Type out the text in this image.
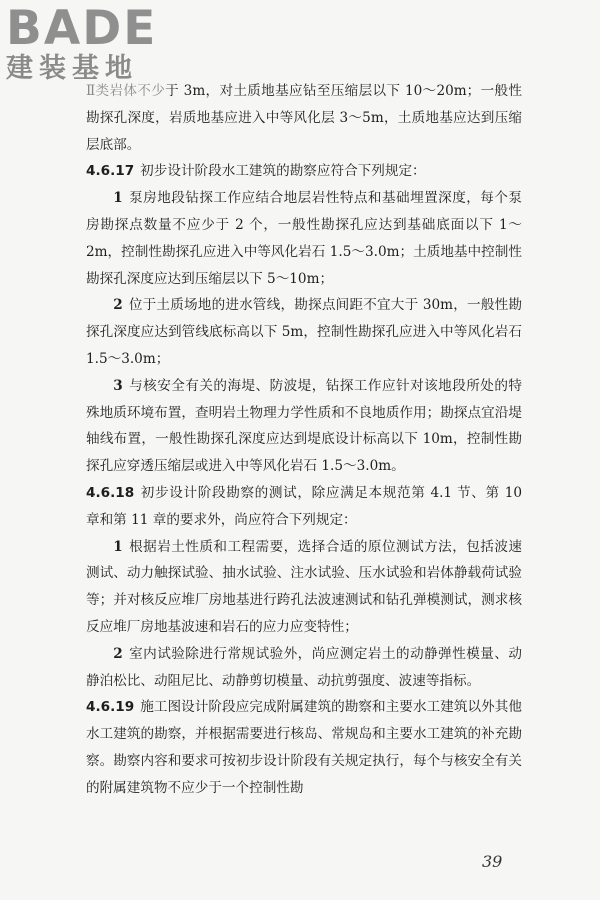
BADE
建装基地

Ⅱ类岩体不少于 3m，对土质地基应钻至压缩层以下 10～20m；一般性勘探孔深度，岩质地基应进入中等风化层 3～5m，土质地基应达到压缩层底部。

4.6.17 初步设计阶段水工建筑的勘察应符合下列规定：

1 泵房地段钻探工作应结合地层岩性特点和基础埋置深度，每个泵房勘探点数量不应少于 2 个，一般性勘探孔应达到基础底面以下 1～2m，控制性勘探孔应进入中等风化岩石 1.5～3.0m；土质地基中控制性勘探孔深度应达到压缩层以下 5～10m；

2 位于土质场地的进水管线，勘探点间距不宜大于 30m，一般性勘探孔深度应达到管线底标高以下 5m，控制性勘探孔应进入中等风化岩石 1.5～3.0m；

3 与核安全有关的海堤、防波堤，钻探工作应针对该地段所处的特殊地质环境布置，查明岩土物理力学性质和不良地质作用；勘探点宜沿堤轴线布置，一般性勘探孔深度应达到堤底设计标高以下 10m，控制性勘探孔应穿透压缩层或进入中等风化岩石 1.5～3.0m。

4.6.18 初步设计阶段勘察的测试，除应满足本规范第 4.1 节、第 10 章和第 11 章的要求外，尚应符合下列规定：

1 根据岩土性质和工程需要，选择合适的原位测试方法，包括波速测试、动力触探试验、抽水试验、注水试验、压水试验和岩体静载荷试验等；并对核反应堆厂房地基进行跨孔法波速测试和钻孔弹模测试，测求核反应堆厂房地基波速和岩石的应力应变特性；

2 室内试验除进行常规试验外，尚应测定岩土的动静弹性模量、动静泊松比、动阻尼比、动静剪切模量、动抗剪强度、波速等指标。

4.6.19 施工图设计阶段应完成附属建筑的勘察和主要水工建筑以外其他水工建筑的勘察，并根据需要进行核岛、常规岛和主要水工建筑的补充勘察。勘察内容和要求可按初步设计阶段有关规定执行，每个与核安全有关的附属建筑物不应少于一个控制性勘

39
